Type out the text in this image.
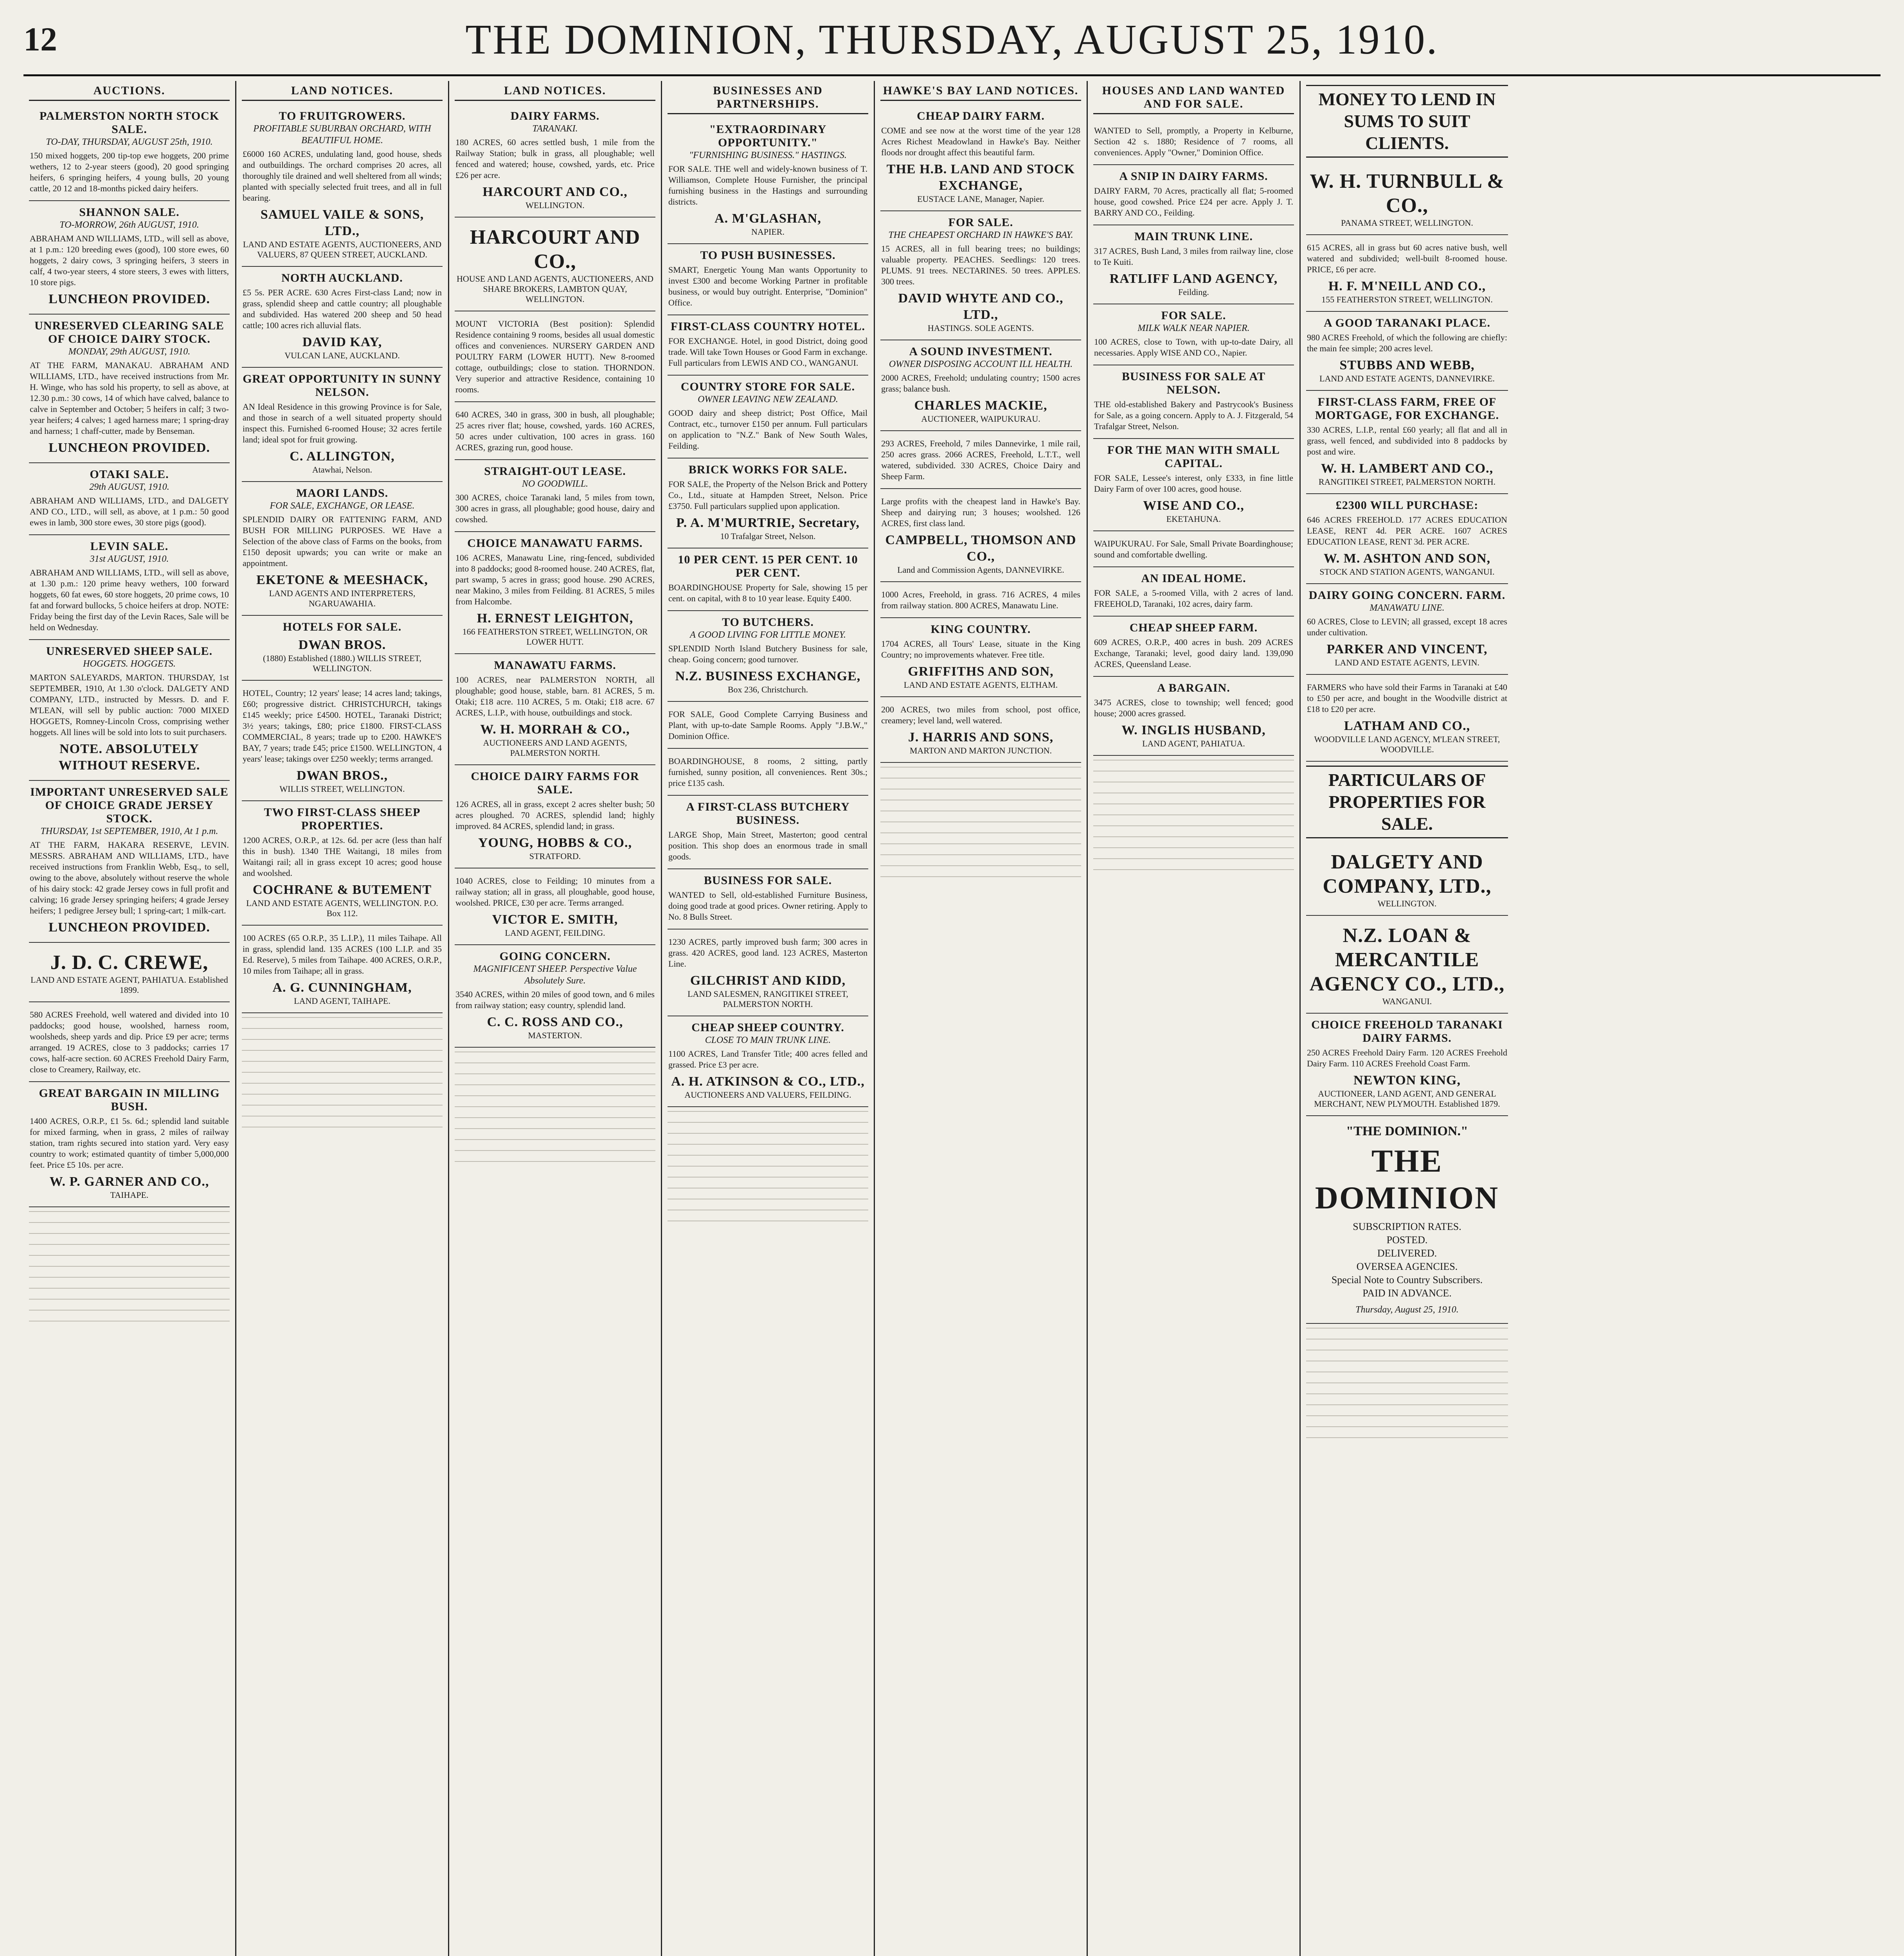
12	THE DOMINION, THURSDAY, AUGUST 25, 1910.
AUCTIONS.
PALMERSTON NORTH STOCK SALE.
TO-DAY, THURSDAY, AUGUST 25th, 1910.
150 mixed hoggets, 200 tip-top ewe hoggets, 200 prime wethers, 12 to 2-year steers (good), 20 good springing heifers, 6 springing heifers, 4 young bulls, 20 young cattle, 20 12 and 18-months picked dairy heifers.
SHANNON SALE.
TO-MORROW, 26th AUGUST, 1910.
ABRAHAM AND WILLIAMS, LTD., will sell as above, at 1 p.m.: 120 breeding ewes (good), 100 store ewes, 60 hoggets, 2 dairy cows, 3 springing heifers, 3 steers in calf, 4 two-year steers, 4 store steers, 3 ewes with litters, 10 store pigs.
LUNCHEON PROVIDED.
UNRESERVED CLEARING SALE OF CHOICE DAIRY STOCK.
MONDAY, 29th AUGUST, 1910.
AT THE FARM, MANAKAU. ABRAHAM AND WILLIAMS, LTD., have received instructions from Mr. H. Winge, who has sold his property, to sell as above, at 12.30 p.m.: 30 cows, 14 of which have calved, balance to calve in September and October; 5 heifers in calf; 3 two-year heifers; 4 calves; 1 aged harness mare; 1 spring-dray and harness; 1 chaff-cutter, made by Benseman.
LUNCHEON PROVIDED.
OTAKI SALE.
29th AUGUST, 1910.
ABRAHAM AND WILLIAMS, LTD., and DALGETY AND CO., LTD., will sell, as above, at 1 p.m.: 50 good ewes in lamb, 300 store ewes, 30 store pigs (good).
LEVIN SALE.
31st AUGUST, 1910.
ABRAHAM AND WILLIAMS, LTD., will sell as above, at 1.30 p.m.: 120 prime heavy wethers, 100 forward hoggets, 60 fat ewes, 60 store hoggets, 20 prime cows, 10 fat and forward bullocks, 5 choice heifers at drop. NOTE: Friday being the first day of the Levin Races, Sale will be held on Wednesday.
UNRESERVED SHEEP SALE.
HOGGETS. HOGGETS.
MARTON SALEYARDS, MARTON. THURSDAY, 1st SEPTEMBER, 1910, At 1.30 o'clock. DALGETY AND COMPANY, LTD., instructed by Messrs. D. and F. M'LEAN, will sell by public auction: 7000 MIXED HOGGETS, Romney-Lincoln Cross, comprising wether hoggets. All lines will be sold into lots to suit purchasers.
NOTE. ABSOLUTELY WITHOUT RESERVE.
IMPORTANT UNRESERVED SALE OF CHOICE GRADE JERSEY STOCK.
THURSDAY, 1st SEPTEMBER, 1910, At 1 p.m.
AT THE FARM, HAKARA RESERVE, LEVIN. MESSRS. ABRAHAM AND WILLIAMS, LTD., have received instructions from Franklin Webb, Esq., to sell, owing to the above, absolutely without reserve the whole of his dairy stock: 42 grade Jersey cows in full profit and calving; 16 grade Jersey springing heifers; 4 grade Jersey heifers; 1 pedigree Jersey bull; 1 spring-cart; 1 milk-cart.
LUNCHEON PROVIDED.
J. D. C. CREWE,
LAND AND ESTATE AGENT, PAHIATUA. Established 1899.
580 ACRES Freehold, well watered and divided into 10 paddocks; good house, woolshed, harness room, woolsheds, sheep yards and dip. Price £9 per acre; terms arranged. 19 ACRES, close to 3 paddocks; carries 17 cows, half-acre section. 60 ACRES Freehold Dairy Farm, close to Creamery, Railway, etc.
GREAT BARGAIN IN MILLING BUSH.
1400 ACRES, O.R.P., £1 5s. 6d.; splendid land suitable for mixed farming, when in grass, 2 miles of railway station, tram rights secured into station yard. Very easy country to work; estimated quantity of timber 5,000,000 feet. Price £5 10s. per acre.
W. P. GARNER AND CO.,
TAIHAPE.
LAND NOTICES.
TO FRUITGROWERS.
PROFITABLE SUBURBAN ORCHARD, WITH BEAUTIFUL HOME.
£6000 160 ACRES, undulating land, good house, sheds and outbuildings. The orchard comprises 20 acres, all thoroughly tile drained and well sheltered from all winds; planted with specially selected fruit trees, and all in full bearing.
SAMUEL VAILE & SONS, LTD.,
LAND AND ESTATE AGENTS, AUCTIONEERS, AND VALUERS, 87 QUEEN STREET, AUCKLAND.
NORTH AUCKLAND.
£5 5s. PER ACRE. 630 Acres First-class Land; now in grass, splendid sheep and cattle country; all ploughable and subdivided. Has watered 200 sheep and 50 head cattle; 100 acres rich alluvial flats.
DAVID KAY,
VULCAN LANE, AUCKLAND.
GREAT OPPORTUNITY IN SUNNY NELSON.
AN Ideal Residence in this growing Province is for Sale, and those in search of a well situated property should inspect this. Furnished 6-roomed House; 32 acres fertile land; ideal spot for fruit growing.
C. ALLINGTON,
Atawhai, Nelson.
MAORI LANDS.
FOR SALE, EXCHANGE, OR LEASE.
SPLENDID DAIRY OR FATTENING FARM, AND BUSH FOR MILLING PURPOSES. WE Have a Selection of the above class of Farms on the books, from £150 deposit upwards; you can write or make an appointment.
EKETONE & MEESHACK,
LAND AGENTS AND INTERPRETERS, NGARUAWAHIA.
HOTELS FOR SALE.
DWAN BROS.
(1880) Established (1880.) WILLIS STREET, WELLINGTON.
HOTEL, Country; 12 years' lease; 14 acres land; takings, £60; progressive district. CHRISTCHURCH, takings £145 weekly; price £4500. HOTEL, Taranaki District; 3½ years; takings, £80; price £1800. FIRST-CLASS COMMERCIAL, 8 years; trade up to £200. HAWKE'S BAY, 7 years; trade £45; price £1500. WELLINGTON, 4 years' lease; takings over £250 weekly; terms arranged.
DWAN BROS.,
WILLIS STREET, WELLINGTON.
TWO FIRST-CLASS SHEEP PROPERTIES.
1200 ACRES, O.R.P., at 12s. 6d. per acre (less than half this in bush). 1340 THE Waitangi, 18 miles from Waitangi rail; all in grass except 10 acres; good house and woolshed.
COCHRANE & BUTEMENT
LAND AND ESTATE AGENTS, WELLINGTON. P.O. Box 112.
100 ACRES (65 O.R.P., 35 L.I.P.), 11 miles Taihape. All in grass, splendid land. 135 ACRES (100 L.I.P. and 35 Ed. Reserve), 5 miles from Taihape. 400 ACRES, O.R.P., 10 miles from Taihape; all in grass.
A. G. CUNNINGHAM,
LAND AGENT, TAIHAPE.
LAND NOTICES.
DAIRY FARMS.
TARANAKI.
180 ACRES, 60 acres settled bush, 1 mile from the Railway Station; bulk in grass, all ploughable; well fenced and watered; house, cowshed, yards, etc. Price £26 per acre.
HARCOURT AND CO.,
WELLINGTON.
HARCOURT AND CO.,
HOUSE AND LAND AGENTS, AUCTIONEERS, AND SHARE BROKERS, LAMBTON QUAY, WELLINGTON.
MOUNT VICTORIA (Best position): Splendid Residence containing 9 rooms, besides all usual domestic offices and conveniences. NURSERY GARDEN AND POULTRY FARM (LOWER HUTT). New 8-roomed cottage, outbuildings; close to station. THORNDON. Very superior and attractive Residence, containing 10 rooms.
640 ACRES, 340 in grass, 300 in bush, all ploughable; 25 acres river flat; house, cowshed, yards. 160 ACRES, 50 acres under cultivation, 100 acres in grass. 160 ACRES, grazing run, good house.
STRAIGHT-OUT LEASE.
NO GOODWILL.
300 ACRES, choice Taranaki land, 5 miles from town, 300 acres in grass, all ploughable; good house, dairy and cowshed.
CHOICE MANAWATU FARMS.
106 ACRES, Manawatu Line, ring-fenced, subdivided into 8 paddocks; good 8-roomed house. 240 ACRES, flat, part swamp, 5 acres in grass; good house. 290 ACRES, near Makino, 3 miles from Feilding. 81 ACRES, 5 miles from Halcombe.
H. ERNEST LEIGHTON,
166 FEATHERSTON STREET, WELLINGTON, OR LOWER HUTT.
MANAWATU FARMS.
100 ACRES, near PALMERSTON NORTH, all ploughable; good house, stable, barn. 81 ACRES, 5 m. Otaki; £18 acre. 110 ACRES, 5 m. Otaki; £18 acre. 67 ACRES, L.I.P., with house, outbuildings and stock.
W. H. MORRAH & CO.,
AUCTIONEERS AND LAND AGENTS, PALMERSTON NORTH.
CHOICE DAIRY FARMS FOR SALE.
126 ACRES, all in grass, except 2 acres shelter bush; 50 acres ploughed. 70 ACRES, splendid land; highly improved. 84 ACRES, splendid land; in grass.
YOUNG, HOBBS & CO.,
STRATFORD.
1040 ACRES, close to Feilding; 10 minutes from a railway station; all in grass, all ploughable, good house, woolshed. PRICE, £30 per acre. Terms arranged.
VICTOR E. SMITH,
LAND AGENT, FEILDING.
GOING CONCERN.
MAGNIFICENT SHEEP. Perspective Value Absolutely Sure.
3540 ACRES, within 20 miles of good town, and 6 miles from railway station; easy country, splendid land.
C. C. ROSS AND CO.,
MASTERTON.
BUSINESSES AND PARTNERSHIPS.
"EXTRAORDINARY OPPORTUNITY."
"FURNISHING BUSINESS." HASTINGS.
FOR SALE. THE well and widely-known business of T. Williamson, Complete House Furnisher, the principal furnishing business in the Hastings and surrounding districts.
A. M'GLASHAN,
NAPIER.
TO PUSH BUSINESSES.
SMART, Energetic Young Man wants Opportunity to invest £300 and become Working Partner in profitable business, or would buy outright. Enterprise, "Dominion" Office.
FIRST-CLASS COUNTRY HOTEL.
FOR EXCHANGE. Hotel, in good District, doing good trade. Will take Town Houses or Good Farm in exchange. Full particulars from LEWIS AND CO., WANGANUI.
COUNTRY STORE FOR SALE.
OWNER LEAVING NEW ZEALAND.
GOOD dairy and sheep district; Post Office, Mail Contract, etc., turnover £150 per annum. Full particulars on application to "N.Z." Bank of New South Wales, Feilding.
BRICK WORKS FOR SALE.
FOR SALE, the Property of the Nelson Brick and Pottery Co., Ltd., situate at Hampden Street, Nelson. Price £3750. Full particulars supplied upon application.
P. A. M'MURTRIE, Secretary,
10 Trafalgar Street, Nelson.
10 PER CENT. 15 PER CENT. 10 PER CENT.
BOARDINGHOUSE Property for Sale, showing 15 per cent. on capital, with 8 to 10 year lease. Equity £400.
TO BUTCHERS.
A GOOD LIVING FOR LITTLE MONEY.
SPLENDID North Island Butchery Business for sale, cheap. Going concern; good turnover.
N.Z. BUSINESS EXCHANGE,
Box 236, Christchurch.
FOR SALE, Good Complete Carrying Business and Plant, with up-to-date Sample Rooms. Apply "J.B.W.," Dominion Office.
BOARDINGHOUSE, 8 rooms, 2 sitting, partly furnished, sunny position, all conveniences. Rent 30s.; price £135 cash.
A FIRST-CLASS BUTCHERY BUSINESS.
LARGE Shop, Main Street, Masterton; good central position. This shop does an enormous trade in small goods.
BUSINESS FOR SALE.
WANTED to Sell, old-established Furniture Business, doing good trade at good prices. Owner retiring. Apply to No. 8 Bulls Street.
1230 ACRES, partly improved bush farm; 300 acres in grass. 420 ACRES, good land. 123 ACRES, Masterton Line.
GILCHRIST AND KIDD,
LAND SALESMEN, RANGITIKEI STREET, PALMERSTON NORTH.
CHEAP SHEEP COUNTRY.
CLOSE TO MAIN TRUNK LINE.
1100 ACRES, Land Transfer Title; 400 acres felled and grassed. Price £3 per acre.
A. H. ATKINSON & CO., LTD.,
AUCTIONEERS AND VALUERS, FEILDING.
HAWKE'S BAY LAND NOTICES.
CHEAP DAIRY FARM.
COME and see now at the worst time of the year 128 Acres Richest Meadowland in Hawke's Bay. Neither floods nor drought affect this beautiful farm.
THE H.B. LAND AND STOCK EXCHANGE,
EUSTACE LANE, Manager, Napier.
FOR SALE.
THE CHEAPEST ORCHARD IN HAWKE'S BAY.
15 ACRES, all in full bearing trees; no buildings; valuable property. PEACHES. Seedlings: 120 trees. PLUMS. 91 trees. NECTARINES. 50 trees. APPLES. 300 trees.
DAVID WHYTE AND CO., LTD.,
HASTINGS. SOLE AGENTS.
A SOUND INVESTMENT.
OWNER DISPOSING ACCOUNT ILL HEALTH.
2000 ACRES, Freehold; undulating country; 1500 acres grass; balance bush.
CHARLES MACKIE,
AUCTIONEER, WAIPUKURAU.
293 ACRES, Freehold, 7 miles Dannevirke, 1 mile rail, 250 acres grass. 2066 ACRES, Freehold, L.T.T., well watered, subdivided. 330 ACRES, Choice Dairy and Sheep Farm.
Large profits with the cheapest land in Hawke's Bay. Sheep and dairying run; 3 houses; woolshed. 126 ACRES, first class land.
CAMPBELL, THOMSON AND CO.,
Land and Commission Agents, DANNEVIRKE.
1000 Acres, Freehold, in grass. 716 ACRES, 4 miles from railway station. 800 ACRES, Manawatu Line.
KING COUNTRY.
1704 ACRES, all Tours' Lease, situate in the King Country; no improvements whatever. Free title.
GRIFFITHS AND SON,
LAND AND ESTATE AGENTS, ELTHAM.
200 ACRES, two miles from school, post office, creamery; level land, well watered.
J. HARRIS AND SONS,
MARTON AND MARTON JUNCTION.
HOUSES AND LAND WANTED AND FOR SALE.
WANTED to Sell, promptly, a Property in Kelburne, Section 42 s. 1880; Residence of 7 rooms, all conveniences. Apply "Owner," Dominion Office.
A SNIP IN DAIRY FARMS.
DAIRY FARM, 70 Acres, practically all flat; 5-roomed house, good cowshed. Price £24 per acre. Apply J. T. BARRY AND CO., Feilding.
MAIN TRUNK LINE.
317 ACRES, Bush Land, 3 miles from railway line, close to Te Kuiti.
RATLIFF LAND AGENCY,
Feilding.
FOR SALE.
MILK WALK NEAR NAPIER.
100 ACRES, close to Town, with up-to-date Dairy, all necessaries. Apply WISE AND CO., Napier.
BUSINESS FOR SALE AT NELSON.
THE old-established Bakery and Pastrycook's Business for Sale, as a going concern. Apply to A. J. Fitzgerald, 54 Trafalgar Street, Nelson.
FOR THE MAN WITH SMALL CAPITAL.
FOR SALE, Lessee's interest, only £333, in fine little Dairy Farm of over 100 acres, good house.
WISE AND CO.,
EKETAHUNA.
WAIPUKURAU. For Sale, Small Private Boardinghouse; sound and comfortable dwelling.
AN IDEAL HOME.
FOR SALE, a 5-roomed Villa, with 2 acres of land. FREEHOLD, Taranaki, 102 acres, dairy farm.
CHEAP SHEEP FARM.
609 ACRES, O.R.P., 400 acres in bush. 209 ACRES Exchange, Taranaki; level, good dairy land. 139,090 ACRES, Queensland Lease.
A BARGAIN.
3475 ACRES, close to township; well fenced; good house; 2000 acres grassed.
W. INGLIS HUSBAND,
LAND AGENT, PAHIATUA.
MONEY TO LEND IN SUMS TO SUIT CLIENTS.
W. H. TURNBULL & CO.,
PANAMA STREET, WELLINGTON.
615 ACRES, all in grass but 60 acres native bush, well watered and subdivided; well-built 8-roomed house. PRICE, £6 per acre.
H. F. M'NEILL AND CO.,
155 FEATHERSTON STREET, WELLINGTON.
A GOOD TARANAKI PLACE.
980 ACRES Freehold, of which the following are chiefly: the main fee simple; 200 acres level.
STUBBS AND WEBB,
LAND AND ESTATE AGENTS, DANNEVIRKE.
FIRST-CLASS FARM, FREE OF MORTGAGE, FOR EXCHANGE.
330 ACRES, L.I.P., rental £60 yearly; all flat and all in grass, well fenced, and subdivided into 8 paddocks by post and wire.
W. H. LAMBERT AND CO.,
RANGITIKEI STREET, PALMERSTON NORTH.
£2300 WILL PURCHASE:
646 ACRES FREEHOLD. 177 ACRES EDUCATION LEASE, RENT 4d. PER ACRE. 1607 ACRES EDUCATION LEASE, RENT 3d. PER ACRE.
W. M. ASHTON AND SON,
STOCK AND STATION AGENTS, WANGANUI.
DAIRY GOING CONCERN. FARM.
MANAWATU LINE.
60 ACRES, Close to LEVIN; all grassed, except 18 acres under cultivation.
PARKER AND VINCENT,
LAND AND ESTATE AGENTS, LEVIN.
FARMERS who have sold their Farms in Taranaki at £40 to £50 per acre, and bought in the Woodville district at £18 to £20 per acre.
LATHAM AND CO.,
WOODVILLE LAND AGENCY, M'LEAN STREET, WOODVILLE.
PARTICULARS OF PROPERTIES FOR SALE.
DALGETY AND COMPANY, LTD.,
WELLINGTON.
N.Z. LOAN & MERCANTILE AGENCY CO., LTD.,
WANGANUI.
CHOICE FREEHOLD TARANAKI DAIRY FARMS.
250 ACRES Freehold Dairy Farm. 120 ACRES Freehold Dairy Farm. 110 ACRES Freehold Coast Farm.
NEWTON KING,
AUCTIONEER, LAND AGENT, AND GENERAL MERCHANT, NEW PLYMOUTH. Established 1879.
"THE DOMINION."
THE DOMINION
SUBSCRIPTION RATES.
POSTED.
DELIVERED.
OVERSEA AGENCIES.
Special Note to Country Subscribers.
PAID IN ADVANCE.
Thursday, August 25, 1910.
